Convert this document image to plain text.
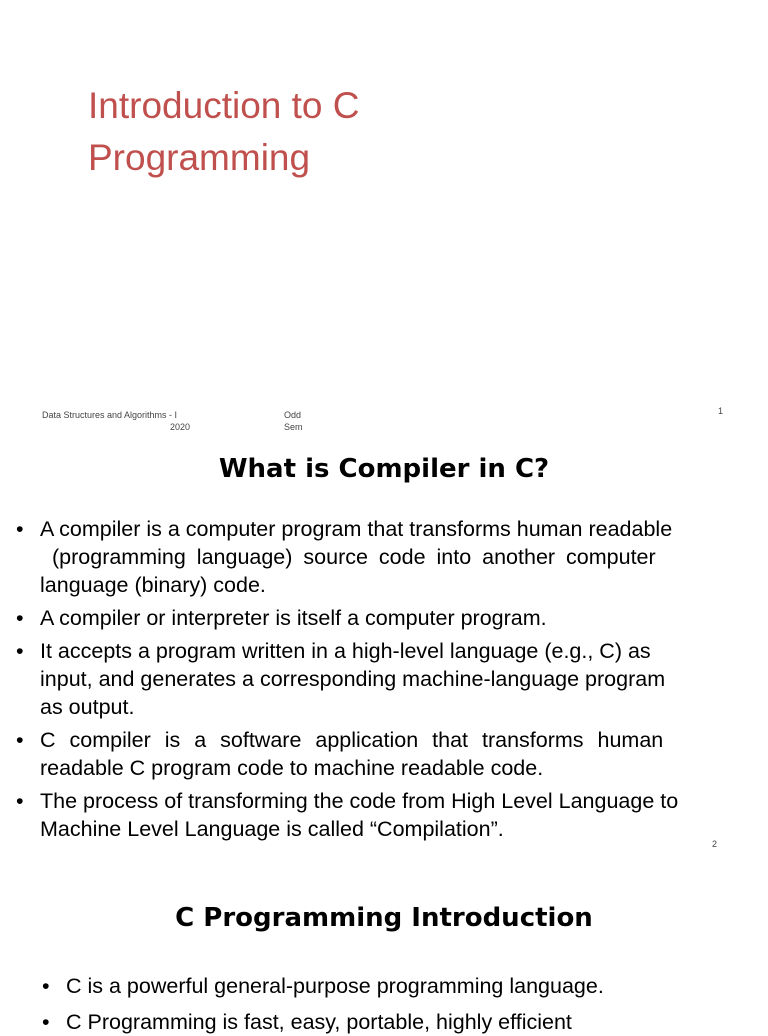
Introduction to C
Programming
Data Structures and Algorithms - I
2020
Odd
Sem
1
What is Compiler in C?
• A compiler is a computer program that transforms human readable
(programming language) source code into another computer
language (binary) code.
• A compiler or interpreter is itself a computer program.
• It accepts a program written in a high-level language (e.g., C) as
input, and generates a corresponding machine-language program
as output.
• C compiler is a software application that transforms human
readable C program code to machine readable code.
• The process of transforming the code from High Level Language to
Machine Level Language is called “Compilation”.
2
C Programming Introduction
• C is a powerful general-purpose programming language.
• C Programming is fast, easy, portable, highly efficient
